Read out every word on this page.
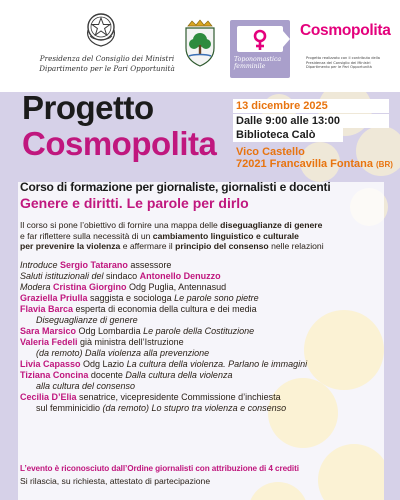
Presidenza del Consiglio dei Ministri
Dipartimento per le Pari Opportunità
Toponomastica femminile
Cosmopolita
Progetto realizzato con il contributo della Presidenza del Consiglio dei Ministri Dipartimento per le Pari Opportunità
Progetto
Cosmopolita
13 dicembre 2025
Dalle 9:00 alle 13:00
Biblioteca Calò
Vico Castello
72021 Francavilla Fontana (BR)
Corso di formazione per giornaliste, giornalisti e docenti
Genere e diritti. Le parole per dirlo
Il corso si pone l’obiettivo di fornire una mappa delle diseguaglianze di genere
e far riflettere sulla necessità di un cambiamento linguistico e culturale
per prevenire la violenza e affermare il principio del consenso nelle relazioni
Introduce Sergio Tatarano assessore
Saluti istituzionali del sindaco Antonello Denuzzo
Modera Cristina Giorgino Odg Puglia, Antennasud
Graziella Priulla saggista e sociologa Le parole sono pietre
Flavia Barca esperta di economia della cultura e dei media
Diseguaglianze di genere
Sara Marsico Odg Lombardia Le parole della Costituzione
Valeria Fedeli già ministra dell’Istruzione
(da remoto) Dalla violenza alla prevenzione
Livia Capasso Odg Lazio La cultura della violenza. Parlano le immagini
Tiziana Concina docente Dalla cultura della violenza
alla cultura del consenso
Cecilia D’Elia senatrice, vicepresidente Commissione d’inchiesta
sul femminicidio (da remoto) Lo stupro tra violenza e consenso
L’evento è riconosciuto dall’Ordine giornalisti con attribuzione di 4 crediti
Si rilascia, su richiesta, attestato di partecipazione
